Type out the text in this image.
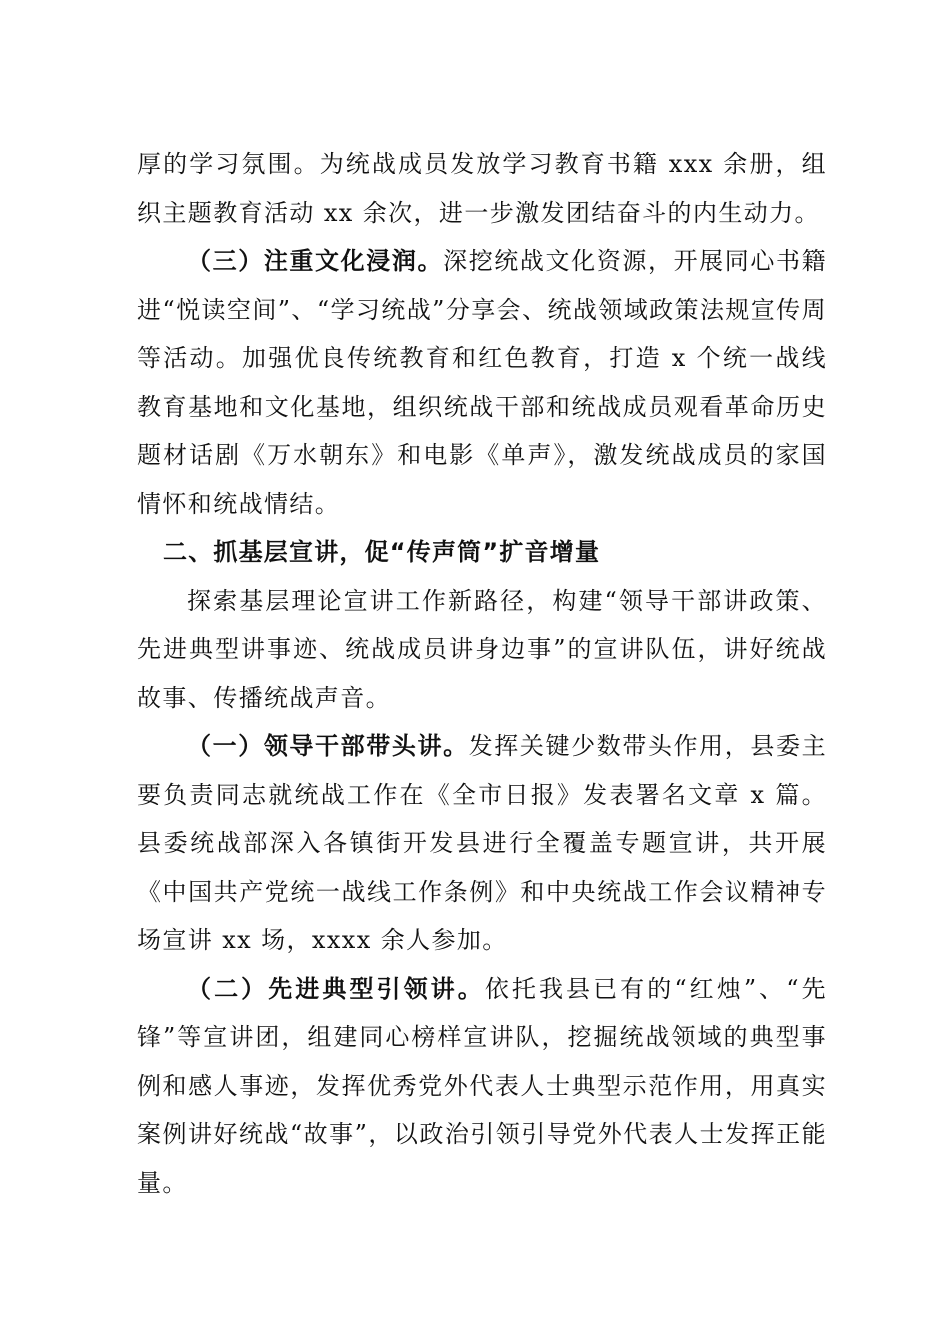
厚的学习氛围。为统战成员发放学习教育书籍 xxx 余册，组织主题教育活动 xx 余次，进一步激发团结奋斗的内生动力。

（三）注重文化浸润。深挖统战文化资源，开展同心书籍进“悦读空间”、“学习统战”分享会、统战领域政策法规宣传周等活动。加强优良传统教育和红色教育，打造 x 个统一战线教育基地和文化基地，组织统战干部和统战成员观看革命历史题材话剧《万水朝东》和电影《单声》，激发统战成员的家国情怀和统战情结。

二、抓基层宣讲，促“传声筒”扩音增量

探索基层理论宣讲工作新路径，构建“领导干部讲政策、先进典型讲事迹、统战成员讲身边事”的宣讲队伍，讲好统战故事、传播统战声音。

（一）领导干部带头讲。发挥关键少数带头作用，县委主要负责同志就统战工作在《全市日报》发表署名文章 x 篇。县委统战部深入各镇街开发县进行全覆盖专题宣讲，共开展《中国共产党统一战线工作条例》和中央统战工作会议精神专场宣讲 xx 场，xxxx 余人参加。

（二）先进典型引领讲。依托我县已有的“红烛”、“先锋”等宣讲团，组建同心榜样宣讲队，挖掘统战领域的典型事例和感人事迹，发挥优秀党外代表人士典型示范作用，用真实案例讲好统战“故事”，以政治引领引导党外代表人士发挥正能量。
